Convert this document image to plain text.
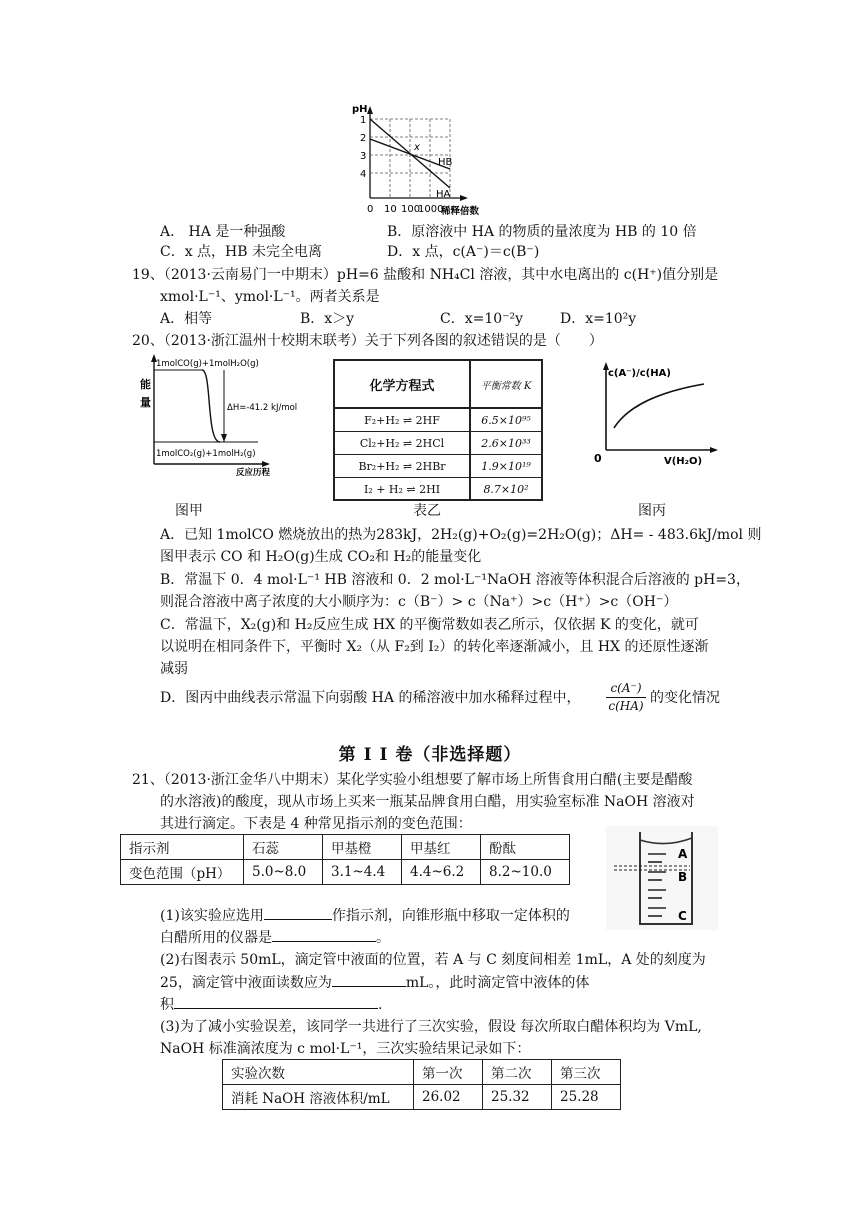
pH
1
2
3
4
0 10 100
1000
稀释倍数
x
HB
HA
A． HA 是一种强酸	B．原溶液中 HA 的物质的量浓度为 HB 的 10 倍
C．x 点，HB 未完全电离	D．x 点，c(A⁻)＝c(B⁻)
19、（2013·云南易门一中期末）pH=6 盐酸和 NH₄Cl 溶液，其中水电离出的 c(H⁺)值分别是
xmol·L⁻¹、ymol·L⁻¹。两者关系是
A．相等	B．x＞y	C．x=10⁻²y	D．x=10²y
20、（2013·浙江温州十校期末联考）关于下列各图的叙述错误的是（　　）
能
量
1molCO(g)+1molH₂O(g)
ΔH=-41.2 kJ/mol
1molCO₂(g)+1molH₂(g)
反应历程
图甲
化学方程式	平衡常数 K
F₂+H₂ ⇌ 2HF	6.5×10⁹⁵
Cl₂+H₂ ⇌ 2HCl	2.6×10³³
Br₂+H₂ ⇌ 2HBr	1.9×10¹⁹
I₂ + H₂ ⇌ 2HI	8.7×10²
表乙
c(A⁻)/c(HA)
0	V(H₂O)
图丙
A．已知 1molCO 燃烧放出的热为283kJ，2H₂(g)+O₂(g)=2H₂O(g)；ΔH= - 483.6kJ/mol 则
图甲表示 CO 和 H₂O(g)生成 CO₂和 H₂的能量变化
B．常温下 0．4 mol·L⁻¹ HB 溶液和 0．2 mol·L⁻¹NaOH 溶液等体积混合后溶液的 pH=3，
则混合溶液中离子浓度的大小顺序为：c（B⁻）> c（Na⁺）>c（H⁺）>c（OH⁻）
C．常温下，X₂(g)和 H₂反应生成 HX 的平衡常数如表乙所示，仅依据 K 的变化，就可
以说明在相同条件下，平衡时 X₂（从 F₂到 I₂）的转化率逐渐减小，且 HX 的还原性逐渐
减弱
D．图丙中曲线表示常温下向弱酸 HA 的稀溶液中加水稀释过程中， $\frac{c(A^-)}{c(HA)}$ 的变化情况
第 I I 卷（非选择题）
21、（2013·浙江金华八中期末）某化学实验小组想要了解市场上所售食用白醋(主要是醋酸
的水溶液)的酸度，现从市场上买来一瓶某品牌食用白醋，用实验室标准 NaOH 溶液对
其进行滴定。下表是 4 种常见指示剂的变色范围：
指示剂	石蕊	甲基橙	甲基红	酚酞
变色范围（pH）	5.0~8.0	3.1~4.4	4.4~6.2	8.2~10.0
A
B
C
(1)该实验应选用	作指示剂，向锥形瓶中移取一定体积的
白醋所用的仪器是	。
(2)右图表示 50mL，滴定管中液面的位置，若 A 与 C 刻度间相差 1mL，A 处的刻度为
25，滴定管中液面读数应为	mL。，此时滴定管中液体的体
积	.
(3)为了减小实验误差，该同学一共进行了三次实验，假设 每次所取白醋体积均为 VmL,
NaOH 标准滴浓度为 c mol·L⁻¹，三次实验结果记录如下：
实验次数	第一次	第二次	第三次
消耗 NaOH 溶液体积/mL	26.02	25.32	25.28
